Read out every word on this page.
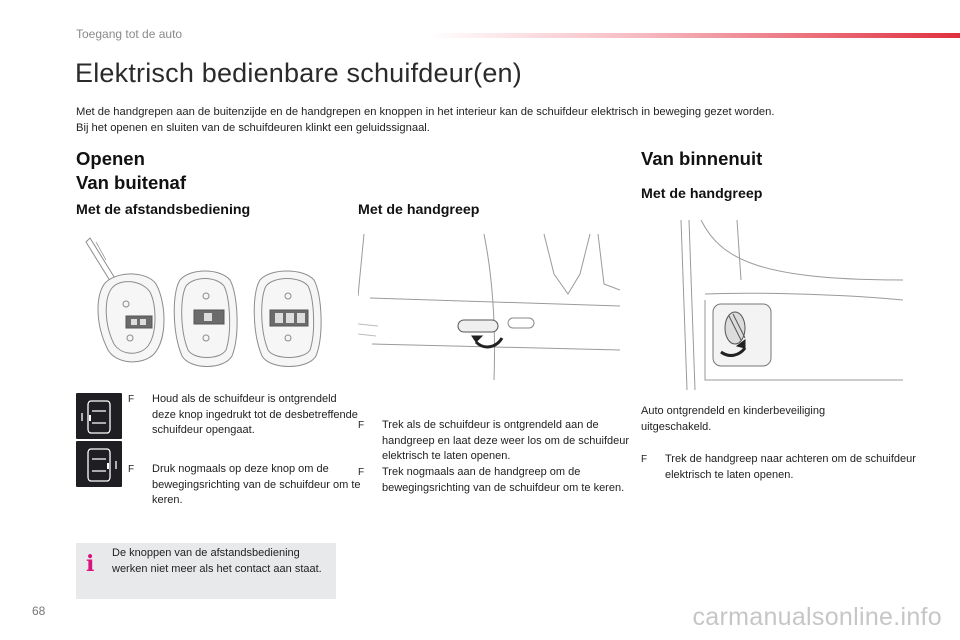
Toegang tot de auto
Elektrisch bedienbare schuifdeur(en)
Met de handgrepen aan de buitenzijde en de handgrepen en knoppen in het interieur kan de schuifdeur elektrisch in beweging gezet worden.
Bij het openen en sluiten van de schuifdeuren klinkt een geluidssignaal.
Openen
Van buitenaf
Met de afstandsbediening	Met de handgreep
Van binnenuit
Met de handgreep
F Houd als de schuifdeur is ontgrendeld deze knop ingedrukt tot de desbetreffende schuifdeur opengaat.
F Druk nogmaals op deze knop om de bewegingsrichting van de schuifdeur om te keren.
i De knoppen van de afstandsbediening werken niet meer als het contact aan staat.
F Trek als de schuifdeur is ontgrendeld aan de handgreep en laat deze weer los om de schuifdeur elektrisch te laten openen.
F Trek nogmaals aan de handgreep om de bewegingsrichting van de schuifdeur om te keren.
Auto ontgrendeld en kinderbeveiliging uitgeschakeld.
F Trek de handgreep naar achteren om de schuifdeur elektrisch te laten openen.
68	carmanualsonline.info
